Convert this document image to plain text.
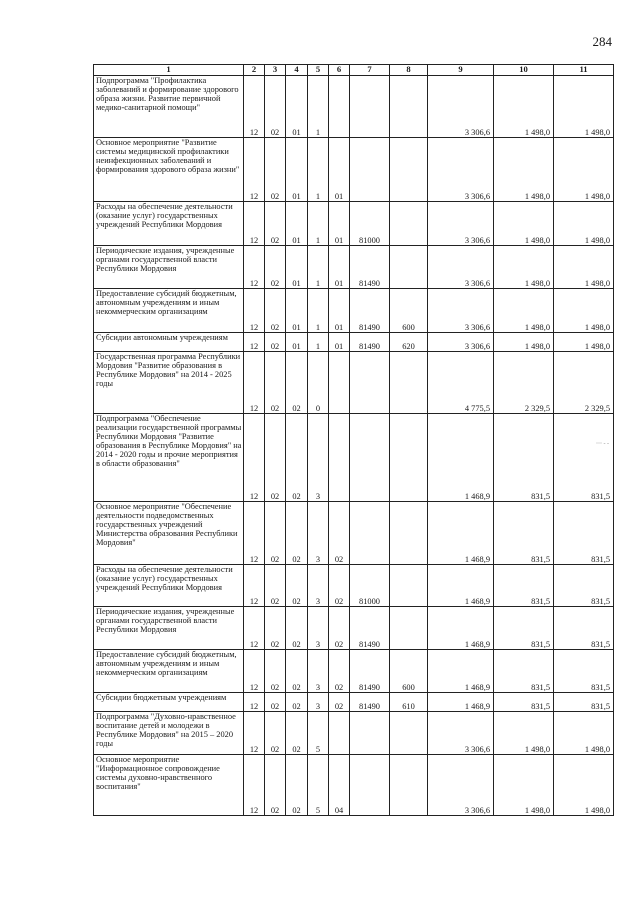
284
1	2	3	4	5	6	7	8	9	10	11
Подпрограмма "Профилактика заболеваний и формирование здорового образа жизни. Развитие первичной медико-санитарной помощи"	12	02	01	1				3 306,6	1 498,0	1 498,0
Основное мероприятие "Развитие системы медицинской профилактики неинфекционных заболеваний и формирования здорового образа жизни"	12	02	01	1	01			3 306,6	1 498,0	1 498,0
Расходы на обеспечение деятельности (оказание услуг) государственных учреждений Республики Мордовия	12	02	01	1	01	81000		3 306,6	1 498,0	1 498,0
Периодические издания, учрежденные органами государственной власти Республики Мордовия	12	02	01	1	01	81490		3 306,6	1 498,0	1 498,0
Предоставление субсидий бюджетным, автономным учреждениям и иным некоммерческим организациям	12	02	01	1	01	81490	600	3 306,6	1 498,0	1 498,0
Субсидии автономным учреждениям	12	02	01	1	01	81490	620	3 306,6	1 498,0	1 498,0
Государственная программа Республики Мордовия "Развитие образования в Республике Мордовия" на 2014 - 2025 годы	12	02	02	0				4 775,5	2 329,5	2 329,5
Подпрограмма "Обеспечение реализации государственной программы Республики Мордовия "Развитие образования в Республике Мордовия" на 2014 - 2020 годы и прочие мероприятия в области образования"	12	02	02	3				1 468,9	831,5	831,5
Основное мероприятие "Обеспечение деятельности подведомственных государственных учреждений Министерства образования Республики Мордовия"	12	02	02	3	02			1 468,9	831,5	831,5
Расходы на обеспечение деятельности (оказание услуг) государственных учреждений Республики Мордовия	12	02	02	3	02	81000		1 468,9	831,5	831,5
Периодические издания, учрежденные органами государственной власти Республики Мордовия	12	02	02	3	02	81490		1 468,9	831,5	831,5
Предоставление субсидий бюджетным, автономным учреждениям и иным некоммерческим организациям	12	02	02	3	02	81490	600	1 468,9	831,5	831,5
Субсидии бюджетным учреждениям	12	02	02	3	02	81490	610	1 468,9	831,5	831,5
Подпрограмма "Духовно-нравственное воспитание детей и молодежи в Республике Мордовия" на 2015 – 2020 годы	12	02	02	5				3 306,6	1 498,0	1 498,0
Основное мероприятие "Информационное сопровождение системы духовно-нравственного воспитания"	12	02	02	5	04			3 306,6	1 498,0	1 498,0
⋯ ‐ ‐
